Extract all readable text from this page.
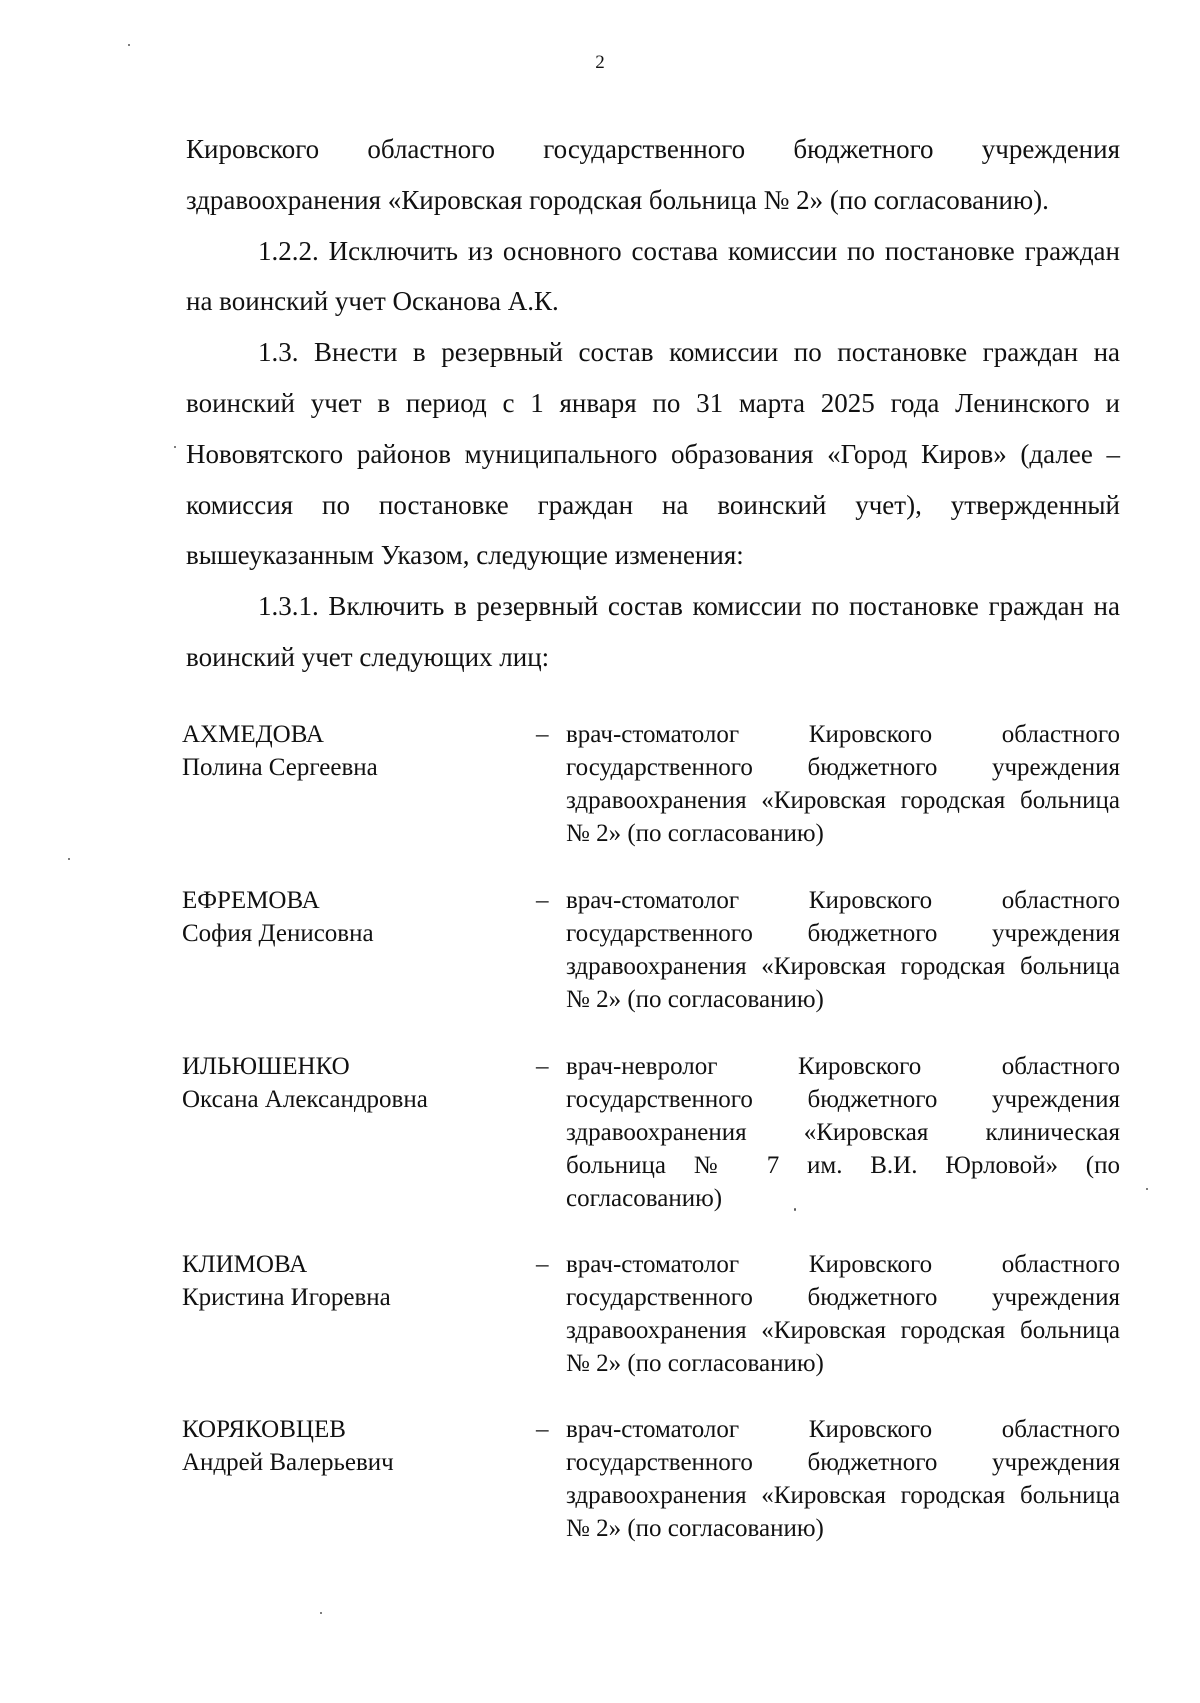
2

Кировского областного государственного бюджетного учреждения здравоохранения «Кировская городская больница № 2» (по согласованию).

1.2.2. Исключить из основного состава комиссии по постановке граждан на воинский учет Осканова А.К.

1.3. Внести в резервный состав комиссии по постановке граждан на воинский учет в период с 1 января по 31 марта 2025 года Ленинского и Нововятского районов муниципального образования «Город Киров» (далее – комиссия по постановке граждан на воинский учет), утвержденный вышеуказанным Указом, следующие изменения:

1.3.1. Включить в резервный состав комиссии по постановке граждан на воинский учет следующих лиц:

АХМЕДОВА
Полина Сергеевна
– врач-стоматолог Кировского областного государственного бюджетного учреждения здравоохранения «Кировская городская больница № 2» (по согласованию)
ЕФРЕМОВА
София Денисовна
– врач-стоматолог Кировского областного государственного бюджетного учреждения здравоохранения «Кировская городская больница № 2» (по согласованию)
ИЛЬЮШЕНКО
Оксана Александровна
– врач-невролог Кировского областного государственного бюджетного учреждения здравоохранения «Кировская клиническая больница № 7 им. В.И. Юрловой» (по согласованию)
КЛИМОВА
Кристина Игоревна
– врач-стоматолог Кировского областного государственного бюджетного учреждения здравоохранения «Кировская городская больница № 2» (по согласованию)
КОРЯКОВЦЕВ
Андрей Валерьевич
– врач-стоматолог Кировского областного государственного бюджетного учреждения здравоохранения «Кировская городская больница № 2» (по согласованию)
